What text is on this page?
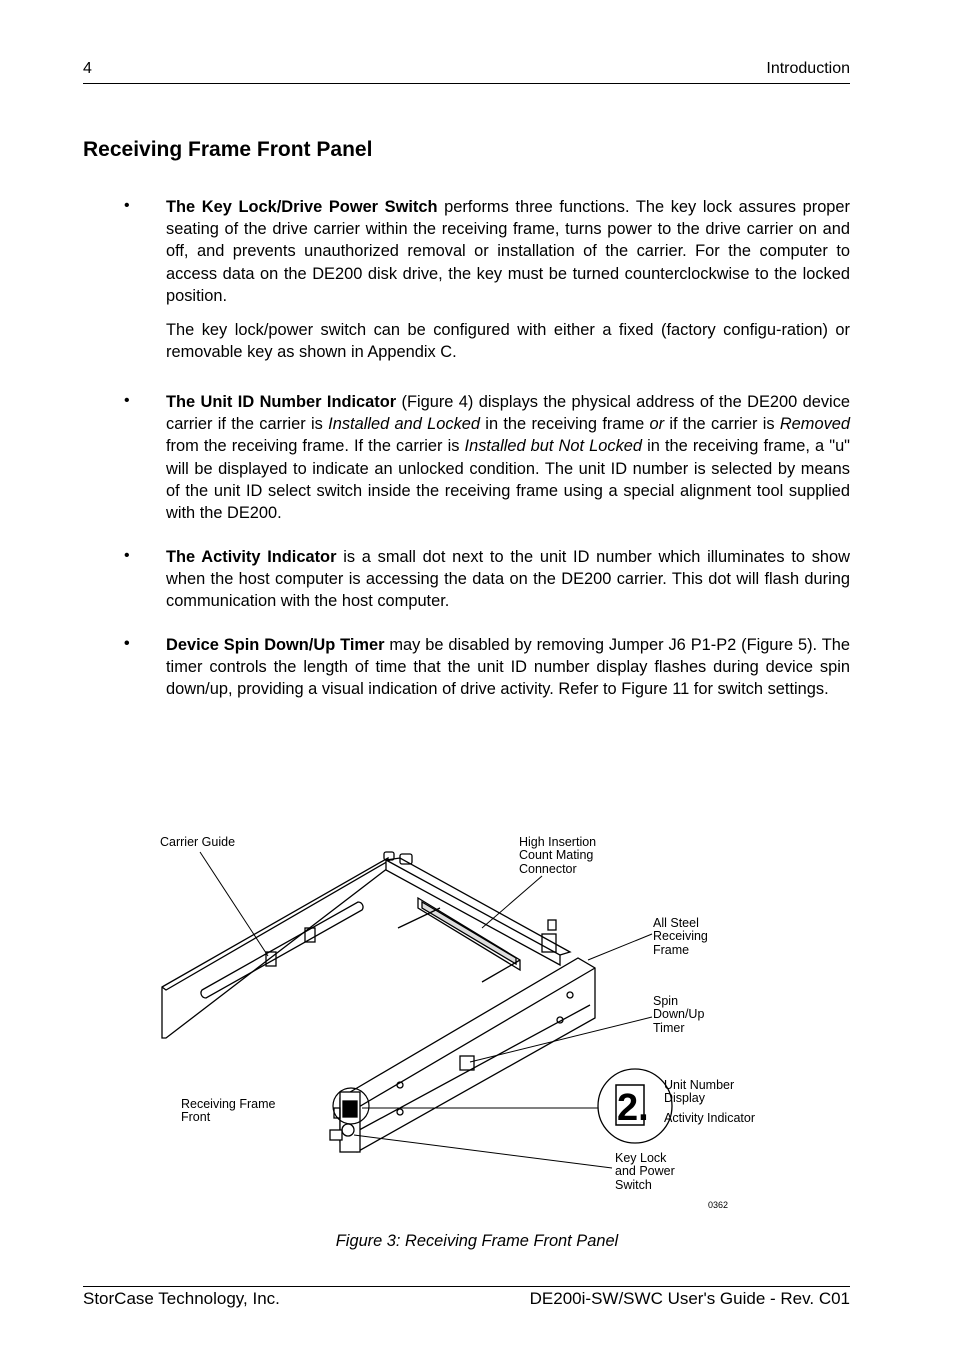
4	Introduction
Receiving Frame Front Panel
• The Key Lock/Drive Power Switch performs three functions. The key lock assures proper seating of the drive carrier within the receiving frame, turns power to the drive carrier on and off, and prevents unauthorized removal or installation of the carrier. For the computer to access data on the DE200 disk drive, the key must be turned counterclockwise to the locked position.
The key lock/power switch can be configured with either a fixed (factory configu-ration) or removable key as shown in Appendix C.
• The Unit ID Number Indicator (Figure 4) displays the physical address of the DE200 device carrier if the carrier is Installed and Locked in the receiving frame or if the carrier is Removed from the receiving frame. If the carrier is Installed but Not Locked in the receiving frame, a "u" will be displayed to indicate an unlocked condition. The unit ID number is selected by means of the unit ID select switch inside the receiving frame using a special alignment tool supplied with the DE200.
• The Activity Indicator is a small dot next to the unit ID number which illuminates to show when the host computer is accessing the data on the DE200 carrier. This dot will flash during communication with the host computer.
• Device Spin Down/Up Timer may be disabled by removing Jumper J6 P1-P2 (Figure 5). The timer controls the length of time that the unit ID number display flashes during device spin down/up, providing a visual indication of drive activity. Refer to Figure 11 for switch settings.
2.
Carrier Guide	High Insertion
Count Mating
Connector
All Steel
Receiving
Frame
Spin
Down/Up
Timer
Receiving Frame
Front
Unit Number
Display
Activity Indicator
Key Lock
and Power
Switch
0362
Figure 3: Receiving Frame Front Panel
StorCase Technology, Inc.	DE200i-SW/SWC User's Guide - Rev. C01
